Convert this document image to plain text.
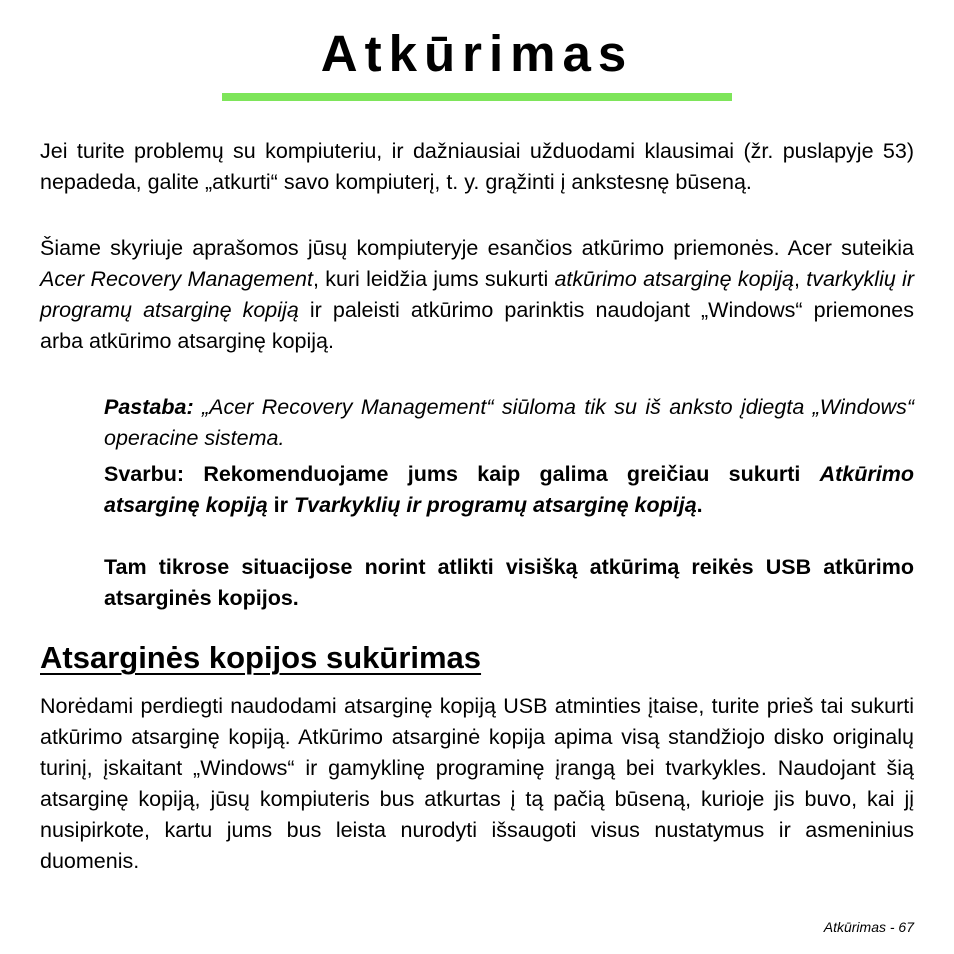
Atkūrimas

Jei turite problemų su kompiuteriu, ir dažniausiai užduodami klausimai (žr. puslapyje 53) nepadeda, galite „atkurti“ savo kompiuterį, t. y. grąžinti į ankstesnę būseną.

Šiame skyriuje aprašomos jūsų kompiuteryje esančios atkūrimo priemonės. Acer suteikia Acer Recovery Management, kuri leidžia jums sukurti atkūrimo atsarginę kopiją, tvarkyklių ir programų atsarginę kopiją ir paleisti atkūrimo parinktis naudojant „Windows“ priemones arba atkūrimo atsarginę kopiją.

Pastaba: „Acer Recovery Management“ siūloma tik su iš anksto įdiegta „Windows“ operacine sistema.

Svarbu: Rekomenduojame jums kaip galima greičiau sukurti Atkūrimo atsarginę kopiją ir Tvarkyklių ir programų atsarginę kopiją.

Tam tikrose situacijose norint atlikti visišką atkūrimą reikės USB atkūrimo atsarginės kopijos.

Atsarginės kopijos sukūrimas

Norėdami perdiegti naudodami atsarginę kopiją USB atminties įtaise, turite prieš tai sukurti atkūrimo atsarginę kopiją. Atkūrimo atsarginė kopija apima visą standžiojo disko originalų turinį, įskaitant „Windows“ ir gamyklinę programinę įrangą bei tvarkykles. Naudojant šią atsarginę kopiją, jūsų kompiuteris bus atkurtas į tą pačią būseną, kurioje jis buvo, kai jį nusipirkote, kartu jums bus leista nurodyti išsaugoti visus nustatymus ir asmeninius duomenis.

Atkūrimas - 67
